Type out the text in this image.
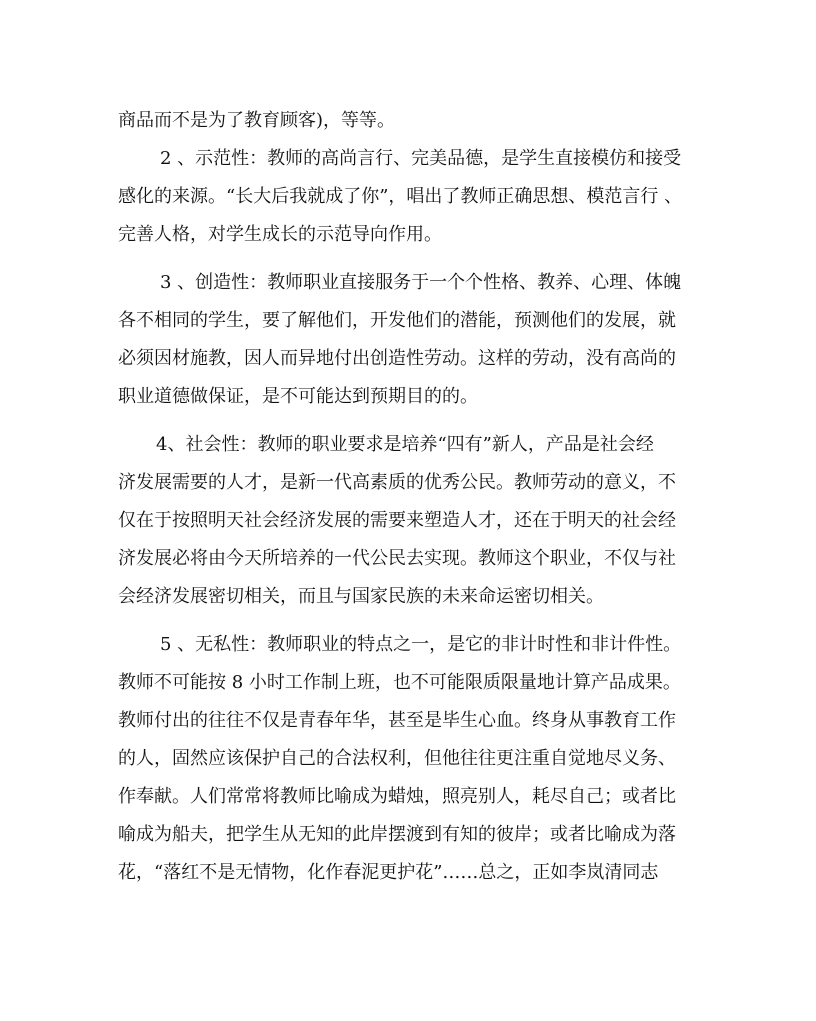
商品而不是为了教育顾客)，等等。
2 、示范性：教师的高尚言行、完美品德，是学生直接模仿和接受
感化的来源。“长大后我就成了你”，唱出了教师正确思想、模范言行 、
完善人格，对学生成长的示范导向作用。
3 、创造性：教师职业直接服务于一个个性格、教养、心理、体魄
各不相同的学生，要了解他们，开发他们的潜能，预测他们的发展，就
必须因材施教，因人而异地付出创造性劳动。这样的劳动，没有高尚的
职业道德做保证，是不可能达到预期目的的。
4、社会性：教师的职业要求是培养“四有”新人，产品是社会经
济发展需要的人才，是新一代高素质的优秀公民。教师劳动的意义，不
仅在于按照明天社会经济发展的需要来塑造人才，还在于明天的社会经
济发展必将由今天所培养的一代公民去实现。教师这个职业，不仅与社
会经济发展密切相关，而且与国家民族的未来命运密切相关。
5 、无私性：教师职业的特点之一，是它的非计时性和非计件性。
教师不可能按 8 小时工作制上班，也不可能限质限量地计算产品成果。
教师付出的往往不仅是青春年华，甚至是毕生心血。终身从事教育工作
的人，固然应该保护自己的合法权利，但他往往更注重自觉地尽义务、
作奉献。人们常常将教师比喻成为蜡烛，照亮别人，耗尽自己；或者比
喻成为船夫，把学生从无知的此岸摆渡到有知的彼岸；或者比喻成为落
花，“落红不是无情物，化作春泥更护花”……总之，正如李岚清同志
